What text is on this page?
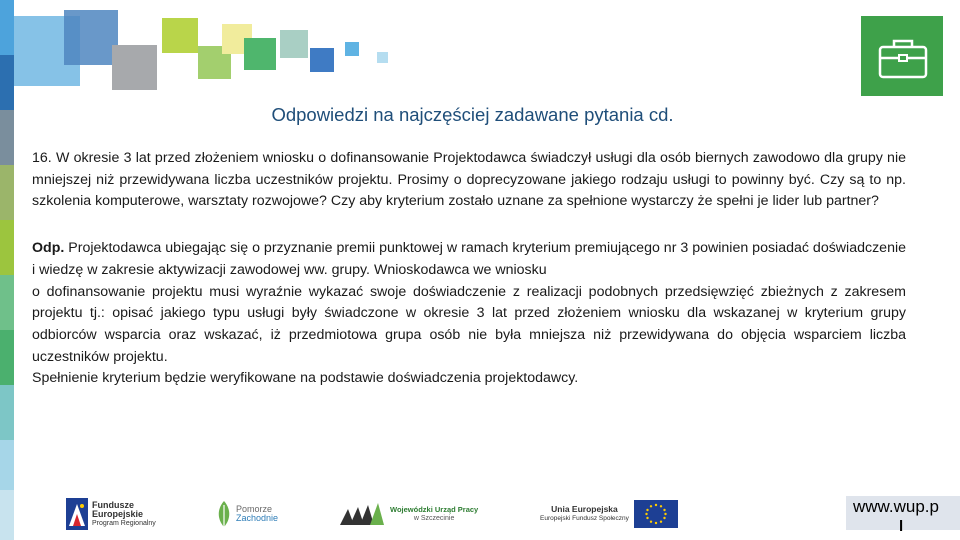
Odpowiedzi na najczęściej zadawane pytania cd.

16. W okresie 3 lat przed złożeniem wniosku o dofinansowanie Projektodawca świadczył usługi dla osób biernych zawodowo dla grupy nie mniejszej niż przewidywana liczba uczestników projektu. Prosimy o doprecyzowane jakiego rodzaju usługi to powinny być. Czy są to np. szkolenia komputerowe, warsztaty rozwojowe? Czy aby kryterium zostało uznane za spełnione wystarczy że spełni je lider lub partner?

Odp. Projektodawca ubiegając się o przyznanie premii punktowej w ramach kryterium premiującego nr 3 powinien posiadać doświadczenie i wiedzę w zakresie aktywizacji zawodowej ww. grupy. Wnioskodawca we wniosku

o dofinansowanie projektu musi wyraźnie wykazać swoje doświadczenie z realizacji podobnych przedsięwzięć zbieżnych z zakresem projektu tj.: opisać jakiego typu usługi były świadczone w okresie 3 lat przed złożeniem wniosku dla wskazanej w kryterium grupy odbiorców wsparcia oraz wskazać, iż przedmiotowa grupa osób nie była mniejsza niż przewidywana do objęcia wsparciem liczba uczestników projektu.

Spełnienie kryterium będzie weryfikowane na podstawie doświadczenia projektodawcy.

Fundusze
Europejskie
Program Regionalny
Pomorze
Zachodnie
Wojewódzki Urząd Pracy
w Szczecinie
Unia Europejska
Europejski Fundusz Społeczny
www.wup.p
l
